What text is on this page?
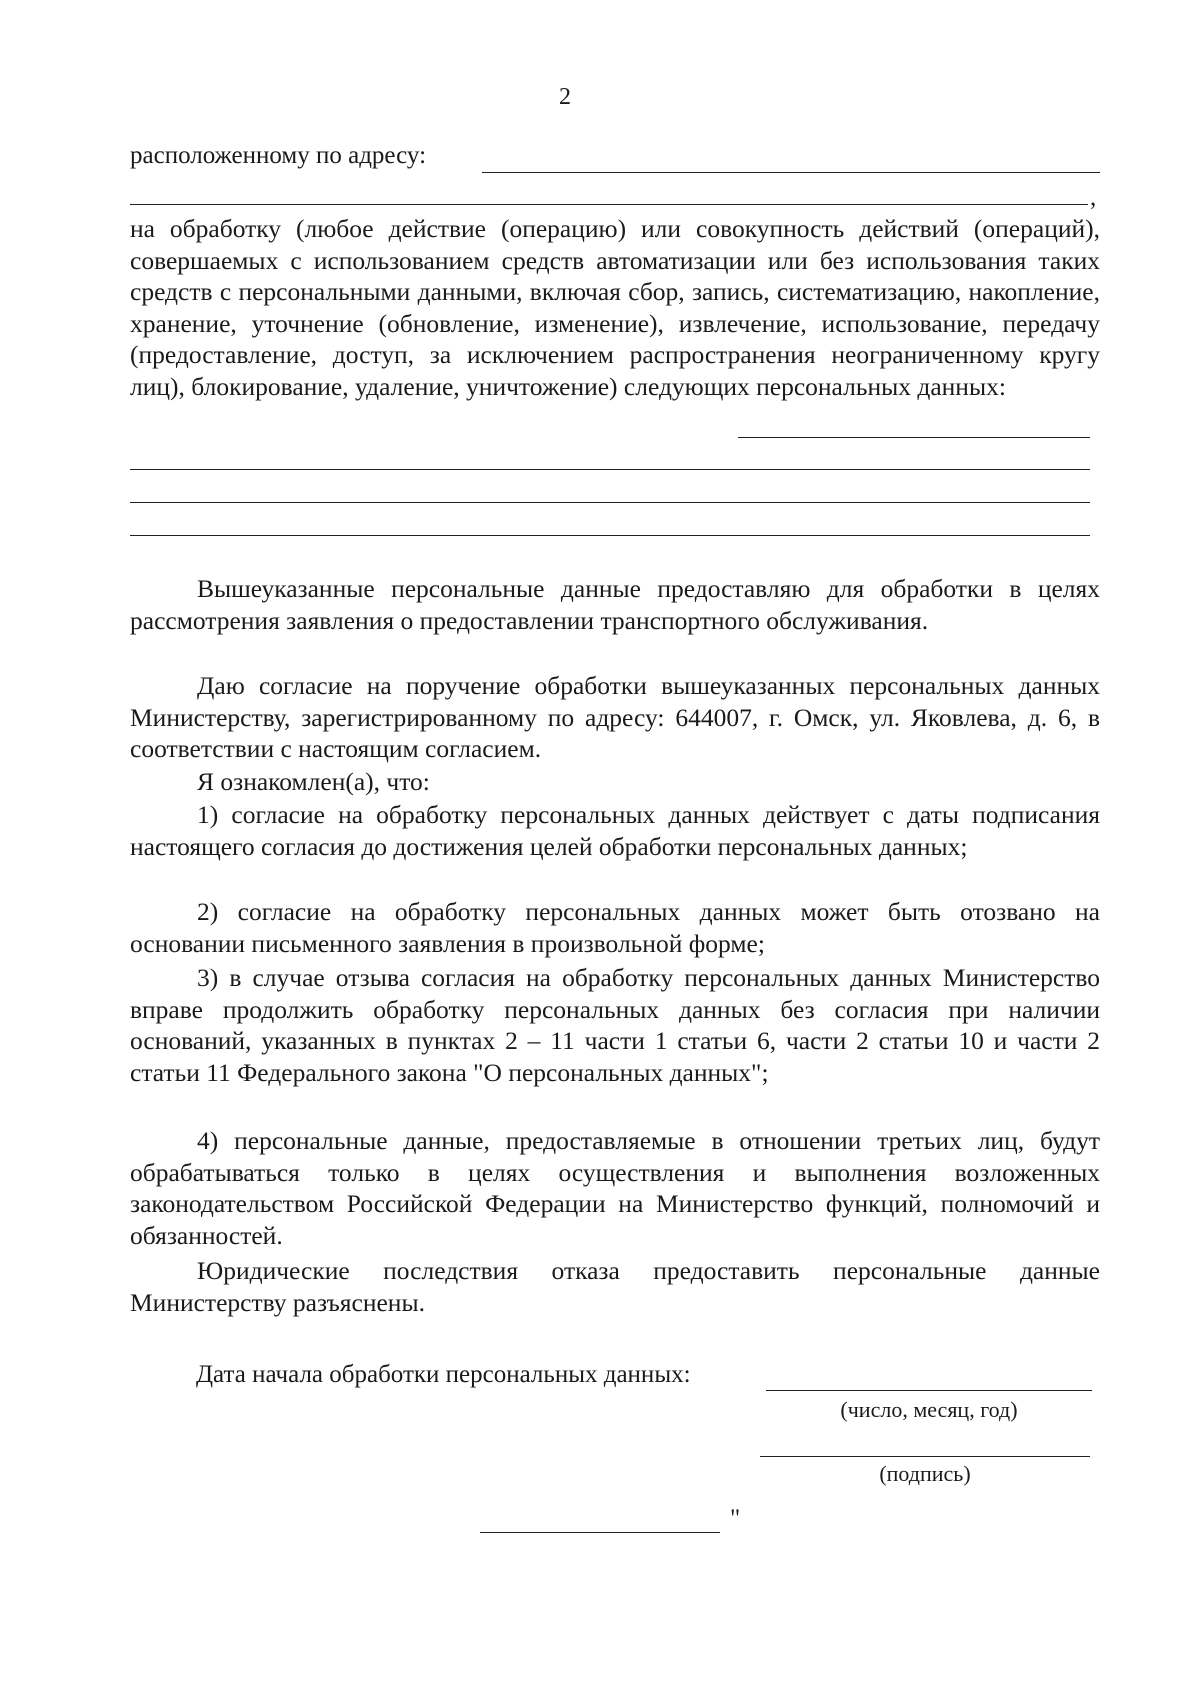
2
расположенному по адресу:
,
на обработку (любое действие (операцию) или совокупность действий (операций), совершаемых с использованием средств автоматизации или без использования таких средств с персональными данными, включая сбор, запись, систематизацию, накопление, хранение, уточнение (обновление, изменение), извлечение, использование, передачу (предоставление, доступ, за исключением распространения неограниченному кругу лиц), блокирование, удаление, уничтожение) следующих персональных данных:
Вышеуказанные персональные данные предоставляю для обработки в целях рассмотрения заявления о предоставлении транспортного обслуживания.
Даю согласие на поручение обработки вышеуказанных персональных данных Министерству, зарегистрированному по адресу: 644007, г. Омск, ул. Яковлева, д. 6, в соответствии с настоящим согласием.
Я ознакомлен(а), что:
1) согласие на обработку персональных данных действует с даты подписания настоящего согласия до достижения целей обработки персональных данных;
2) согласие на обработку персональных данных может быть отозвано на основании письменного заявления в произвольной форме;
3) в случае отзыва согласия на обработку персональных данных Министерство вправе продолжить обработку персональных данных без согласия при наличии оснований, указанных в пунктах 2 – 11 части 1 статьи 6, части 2 статьи 10 и части 2 статьи 11 Федерального закона "О персональных данных";
4) персональные данные, предоставляемые в отношении третьих лиц, будут обрабатываться только в целях осуществления и выполнения возложенных законодательством Российской Федерации на Министерство функций, полномочий и обязанностей.
Юридические последствия отказа предоставить персональные данные Министерству разъяснены.
Дата начала обработки персональных данных:
(число, месяц, год)
(подпись)
"
